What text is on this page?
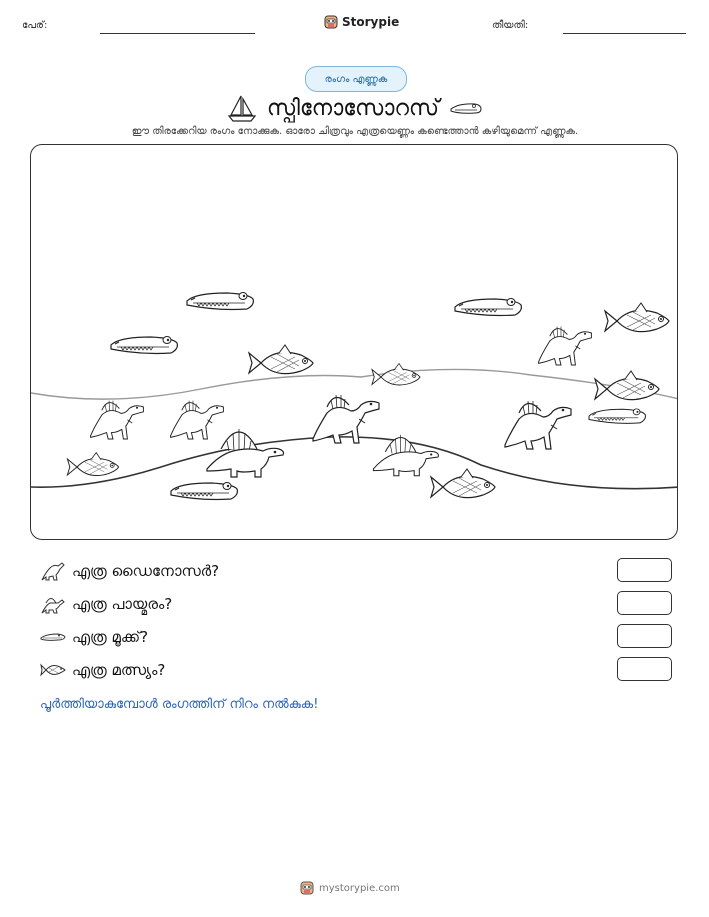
പേര്:	Storypie	തീയതി:
രംഗം എണ്ണുക
സ്പിനോസോറസ്
ഈ തിരക്കേറിയ രംഗം നോക്കുക. ഓരോ ചിത്രവും എത്രയെണ്ണം കണ്ടെത്താൻ കഴിയുമെന്ന് എണ്ണുക.
എത്ര ഡൈനോസർ?
എത്ര പായ്മരം?
എത്ര മൂക്ക്?
എത്ര മത്സ്യം?
പൂർത്തിയാകുമ്പോൾ രംഗത്തിന് നിറം നൽകുക!
mystorypie.com
